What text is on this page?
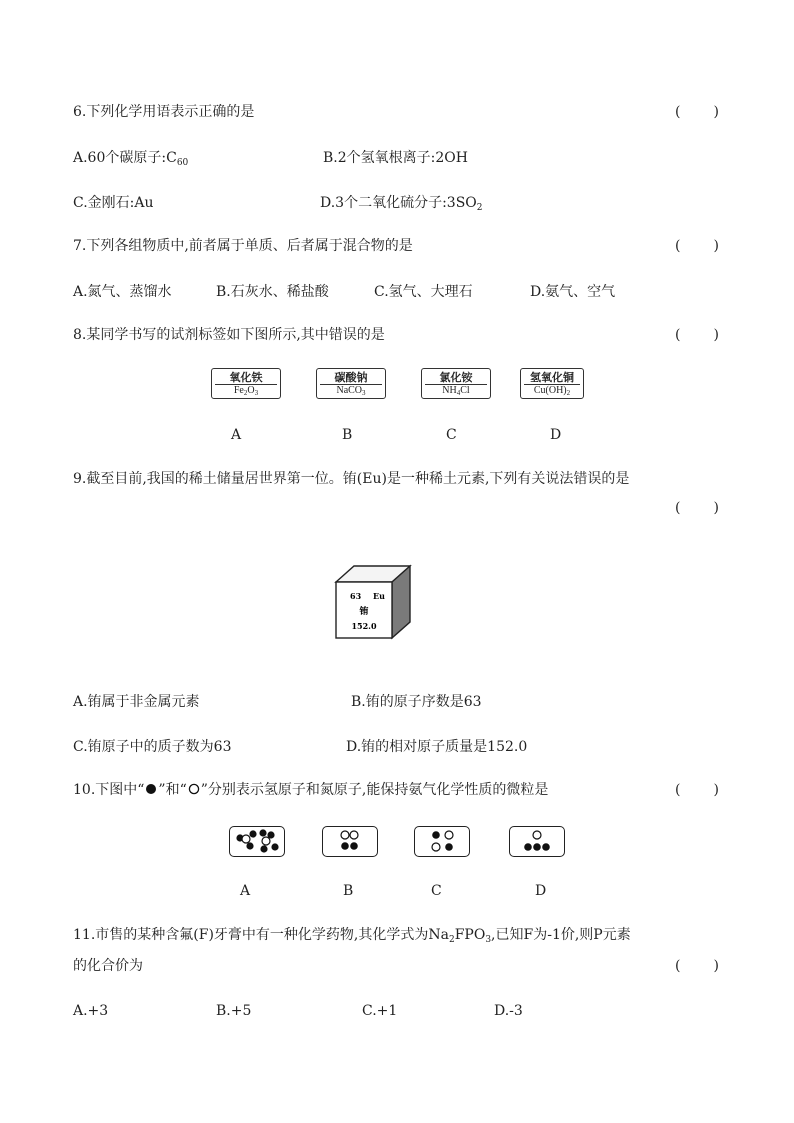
6.下列化学用语表示正确的是	( )
A.60个碳原子$:C_{60}$	B.2个氢氧根离子:2OH
C.金刚石:Au	D.3个二氧化硫分子$:3SO_2$
7.下列各组物质中,前者属于单质、后者属于混合物的是	( )
A.氮气、蒸馏水	B.石灰水、稀盐酸	C.氢气、大理石	D.氨气、空气
8.某同学书写的试剂标签如下图所示,其中错误的是	( )
氧化铁
$Fe_2O_3$
碳酸钠
NaCO$_3$
氯化铵
$NH_4Cl$
氢氧化铜
$Cu(OH)_2$
A	B	C	D
9.截至目前,我国的稀土储量居世界第一位。铕(Eu)是一种稀土元素,下列有关说法错误的是
( )
63 Eu
铕
152.0
A.铕属于非金属元素	B.铕的原子序数是63
C.铕原子中的质子数为63	D.铕的相对原子质量是152.0
10.下图中“ ”和“ ”分别表示氢原子和氮原子,能保持氨气化学性质的微粒是	( )
A	B	C	D
11.市售的某种含氟(F)牙膏中有一种化学药物,其化学式为$Na_2FPO_3$,已知F为-1价,则P元素
的化合价为	( )
A.+3	B.+5	C.+1	D.-3
